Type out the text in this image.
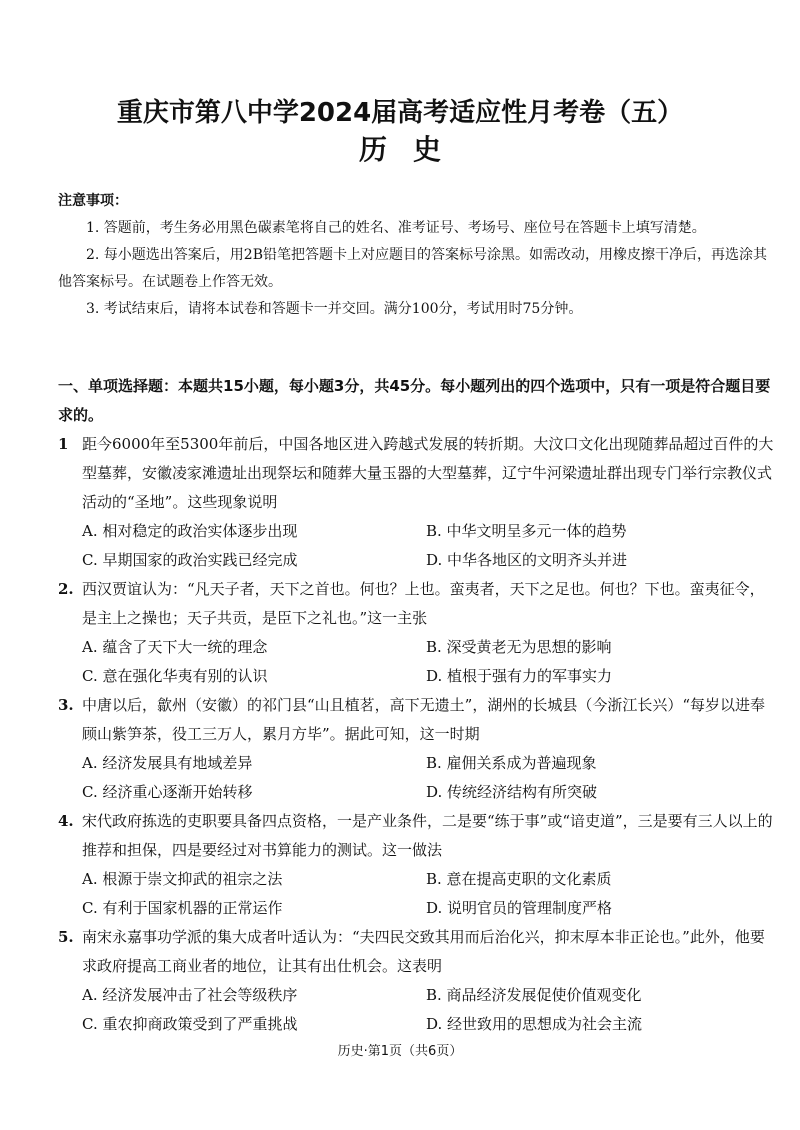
重庆市第八中学2024届高考适应性月考卷（五）
历史
注意事项：
1. 答题前，考生务必用黑色碳素笔将自己的姓名、准考证号、考场号、座位号在答题卡上填写清楚。
2. 每小题选出答案后，用2B铅笔把答题卡上对应题目的答案标号涂黑。如需改动，用橡皮擦干净后，再选涂其他答案标号。在试题卷上作答无效。
3. 考试结束后，请将本试卷和答题卡一并交回。满分100分，考试用时75分钟。
一、单项选择题：本题共15小题，每小题3分，共45分。每小题列出的四个选项中，只有一项是符合题目要求的。
1 距今6000年至5300年前后，中国各地区进入跨越式发展的转折期。大汶口文化出现随葬品超过百件的大型墓葬，安徽凌家滩遗址出现祭坛和随葬大量玉器的大型墓葬，辽宁牛河梁遗址群出现专门举行宗教仪式活动的“圣地”。这些现象说明
A. 相对稳定的政治实体逐步出现	B. 中华文明呈多元一体的趋势
C. 早期国家的政治实践已经完成	D. 中华各地区的文明齐头并进
2. 西汉贾谊认为：“凡天子者，天下之首也。何也？上也。蛮夷者，天下之足也。何也？下也。蛮夷征令，是主上之操也；天子共贡，是臣下之礼也。”这一主张
A. 蕴含了天下大一统的理念	B. 深受黄老无为思想的影响
C. 意在强化华夷有别的认识	D. 植根于强有力的军事实力
3. 中唐以后，歙州（安徽）的祁门县“山且植茗，高下无遗土”，湖州的长城县（今浙江长兴）“每岁以进奉顾山紫笋茶，役工三万人，累月方毕”。据此可知，这一时期
A. 经济发展具有地域差异	B. 雇佣关系成为普遍现象
C. 经济重心逐渐开始转移	D. 传统经济结构有所突破
4. 宋代政府拣选的吏职要具备四点资格，一是产业条件，二是要“练于事”或“谙吏道”，三是要有三人以上的推荐和担保，四是要经过对书算能力的测试。这一做法
A. 根源于崇文抑武的祖宗之法	B. 意在提高吏职的文化素质
C. 有利于国家机器的正常运作	D. 说明官员的管理制度严格
5. 南宋永嘉事功学派的集大成者叶适认为：“夫四民交致其用而后治化兴，抑末厚本非正论也。”此外，他要求政府提高工商业者的地位，让其有出仕机会。这表明
A. 经济发展冲击了社会等级秩序	B. 商品经济发展促使价值观变化
C. 重农抑商政策受到了严重挑战	D. 经世致用的思想成为社会主流
历史·第1页（共6页）
